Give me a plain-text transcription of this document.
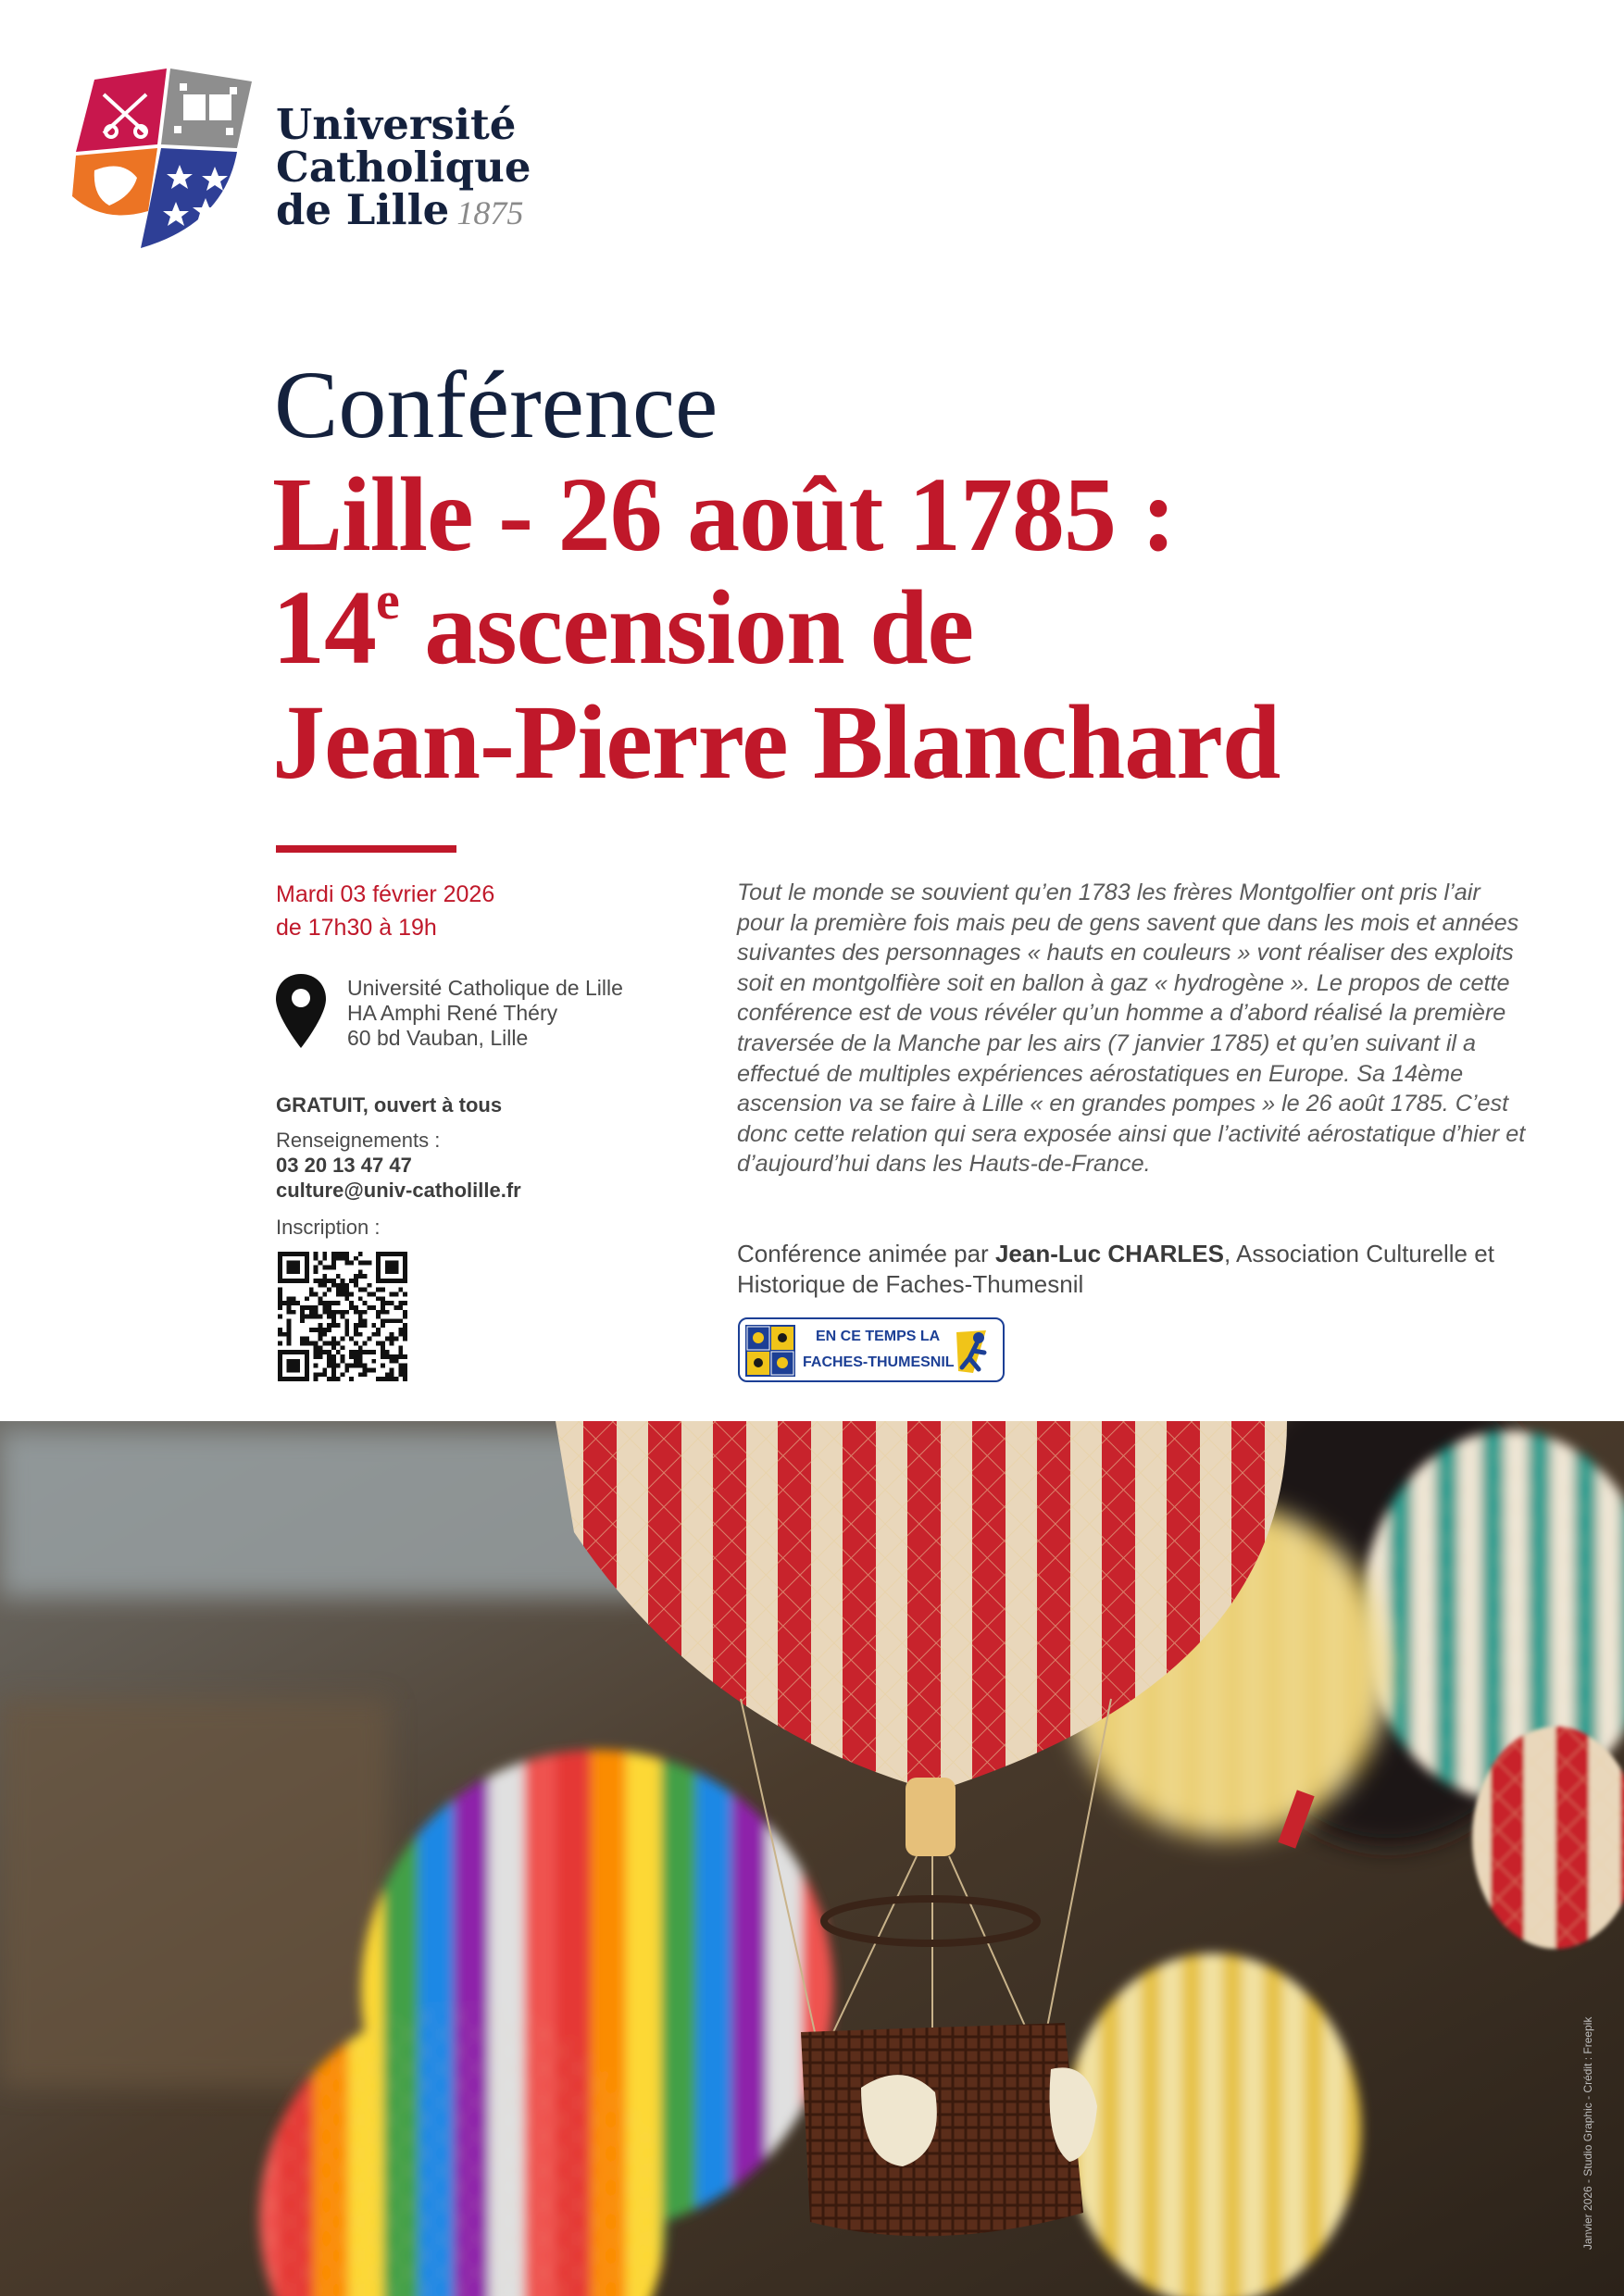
Université
Catholique
de Lille 1875
Conférence
Lille - 26 août 1785 :
14e ascension de
Jean-Pierre Blanchard
Mardi 03 février 2026
de 17h30 à 19h
Université Catholique de Lille
HA Amphi René Théry
60 bd Vauban, Lille
GRATUIT, ouvert à tous
Renseignements :
03 20 13 47 47
culture@univ-catholille.fr
Inscription :

Tout le monde se souvient qu’en 1783 les frères Montgolfier ont pris l’air pour la première fois mais peu de gens savent que dans les mois et années suivantes des personnages « hauts en couleurs » vont réaliser des exploits soit en montgolfière soit en ballon à gaz « hydrogène ». Le propos de cette conférence est de vous révéler qu’un homme a d’abord réalisé la première traversée de la Manche par les airs (7 janvier 1785) et qu’en suivant il a effectué de multiples expériences aérostatiques en Europe. Sa 14ème ascension va se faire à Lille « en grandes pompes » le 26 août 1785. C’est donc cette relation qui sera exposée ainsi que l’activité aérostatique d’hier et d’aujourd’hui dans les Hauts-de-France.

Conférence animée par Jean-Luc CHARLES, Association Culturelle et Historique de Faches-Thumesnil

EN CE TEMPS LA
FACHES-THUMESNIL
Janvier 2026 - Studio Graphic - Crédit : Freepik
